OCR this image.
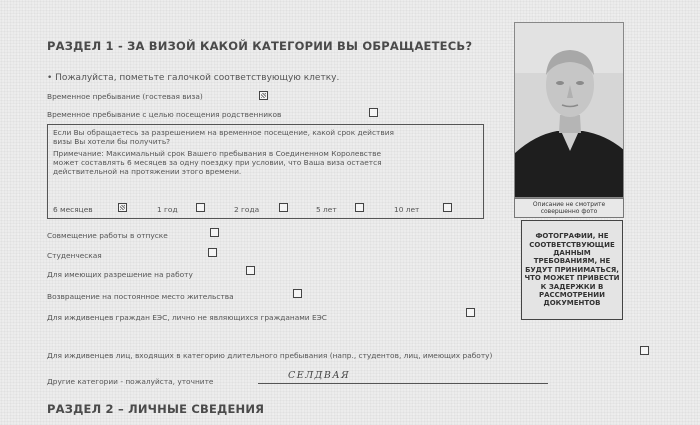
РАЗДЕЛ 1 - ЗА ВИЗОЙ КАКОЙ КАТЕГОРИИ ВЫ ОБРАЩАЕТЕСЬ?
• Пожалуйста, пометьте галочкой соответствующую клетку.
Временное пребывание (гостевая виза)
Временное пребывание с целью посещения родственников
Если Вы обращаетесь за разрешением на временное посещение, какой срок действия
визы Вы хотели бы получить?
Примечание: Максимальный срок Вашего пребывания в Соединенном Королевстве
может составлять 6 месяцев за одну поездку при условии, что Ваша виза остается
действительной на протяжении этого времени.
6 месяцев	1 год	2 года	5 лет	10 лет
Совмещение работы в отпуске
Студенческая
Для имеющих разрешение на работу
Возвращение на постоянное место жительства
Для иждивенцев граждан ЕЭС, лично не являющихся гражданами ЕЭС
Для иждивенцев лиц, входящих в категорию длительного пребывания (напр., студентов, лиц, имеющих работу)
Другие категории - пожалуйста, уточните
СЕЛДВАЯ
РАЗДЕЛ 2 – ЛИЧНЫЕ СВЕДЕНИЯ
Описание не смотрите
совершенно фото
ФОТОГРАФИИ, НЕ
СООТВЕТСТВУЮЩИЕ
ДАННЫМ
ТРЕБОВАНИЯМ, НЕ
БУДУТ ПРИНИМАТЬСЯ,
ЧТО МОЖЕТ ПРИВЕСТИ
К ЗАДЕРЖКИ В
РАССМОТРЕНИИ
ДОКУМЕНТОВ
